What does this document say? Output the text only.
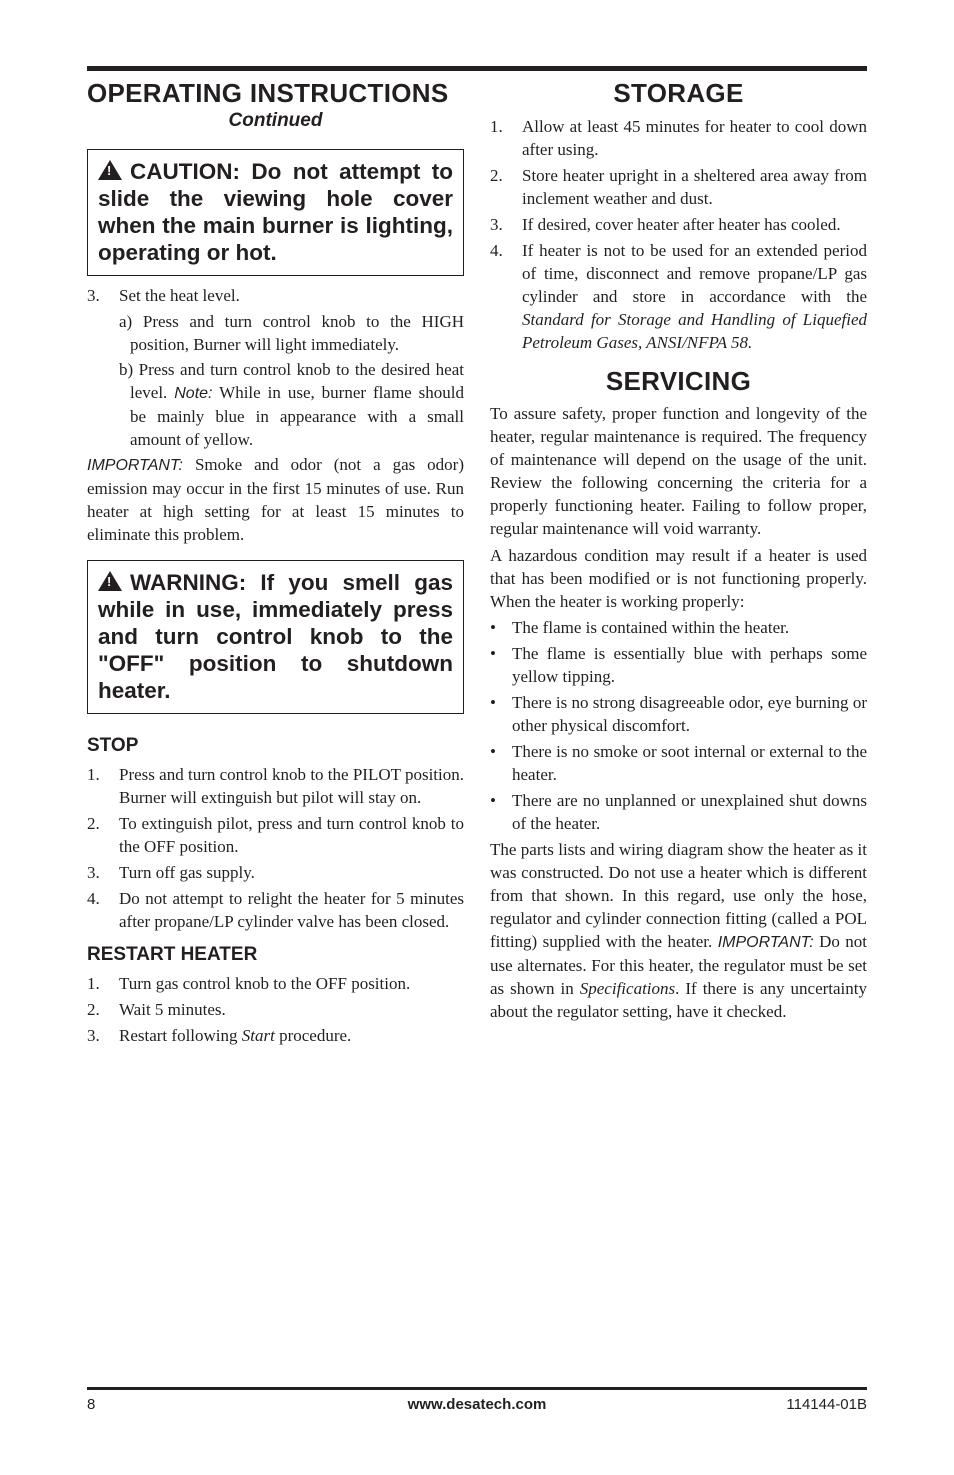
OPERATING INSTRUCTIONS
Continued
!CAUTION: Do not attempt to slide the viewing hole cover when the main burner is lighting, operating or hot.
3. Set the heat level.
a) Press and turn control knob to the HIGH position, Burner will light immediately.
b) Press and turn control knob to the desired heat level. Note: While in use, burner flame should be mainly blue in appearance with a small amount of yellow.

IMPORTANT: Smoke and odor (not a gas odor) emission may occur in the first 15 minutes of use. Run heater at high setting for at least 15 minutes to eliminate this problem.

!WARNING: If you smell gas while in use, immediately press and turn control knob to the "OFF" position to shutdown heater.
STOP
1. Press and turn control knob to the PILOT position. Burner will extinguish but pilot will stay on.
2. To extinguish pilot, press and turn control knob to the OFF position.
3. Turn off gas supply.
4. Do not attempt to relight the heater for 5 minutes after propane/LP cylinder valve has been closed.
RESTART HEATER
1. Turn gas control knob to the OFF position.
2. Wait 5 minutes.
3. Restart following Start procedure.
STORAGE
1. Allow at least 45 minutes for heater to cool down after using.
2. Store heater upright in a sheltered area away from inclement weather and dust.
3. If desired, cover heater after heater has cooled.
4. If heater is not to be used for an extended period of time, disconnect and remove propane/LP gas cylinder and store in accordance with the Standard for Storage and Handling of Liquefied Petroleum Gases, ANSI/NFPA 58.
SERVICING

To assure safety, proper function and longevity of the heater, regular maintenance is required. The frequency of maintenance will depend on the usage of the unit. Review the following concerning the criteria for a properly functioning heater. Failing to follow proper, regular maintenance will void warranty.

A hazardous condition may result if a heater is used that has been modified or is not functioning properly. When the heater is working properly:

• The flame is contained within the heater.
• The flame is essentially blue with perhaps some yellow tipping.
• There is no strong disagreeable odor, eye burning or other physical discomfort.
• There is no smoke or soot internal or external to the heater.
• There are no unplanned or unexplained shut downs of the heater.

The parts lists and wiring diagram show the heater as it was constructed. Do not use a heater which is different from that shown. In this regard, use only the hose, regulator and cylinder connection fitting (called a POL fitting) supplied with the heater. IMPORTANT: Do not use alternates. For this heater, the regulator must be set as shown in Specifications. If there is any uncertainty about the regulator setting, have it checked.

8	www.desatech.com	114144-01B
